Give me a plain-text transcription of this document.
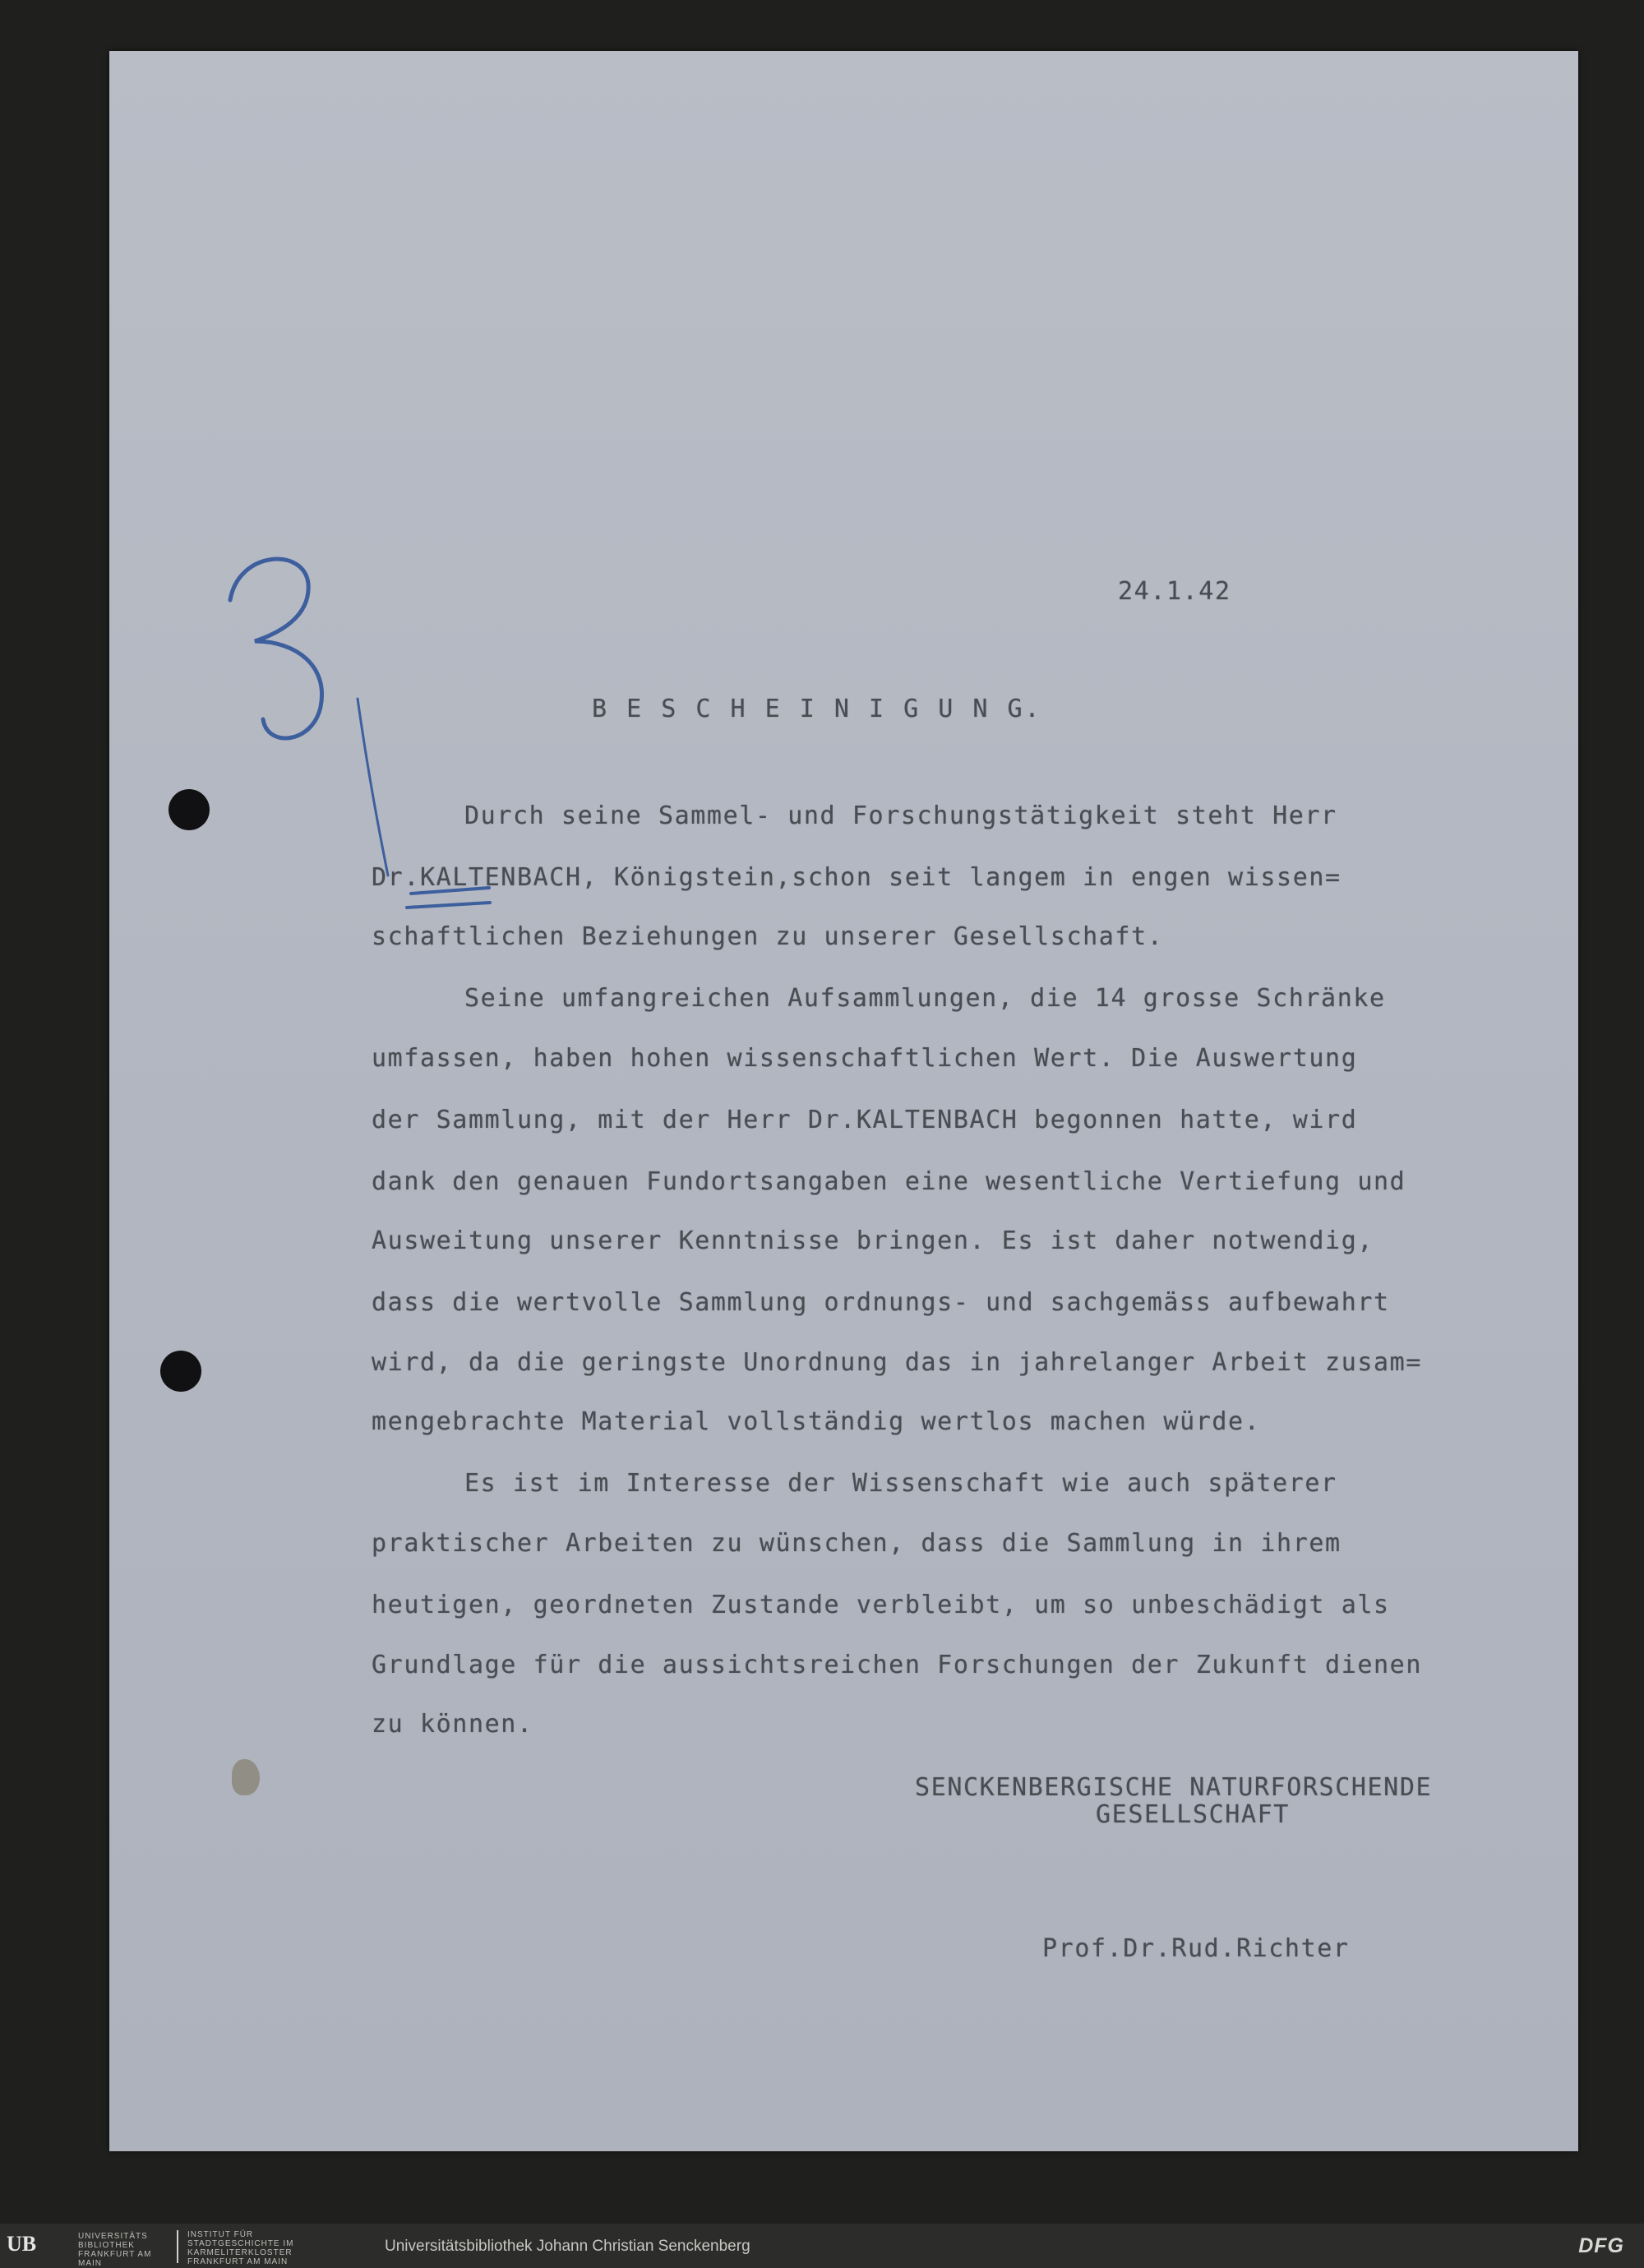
24.1.42
B E S C H E I N I G U N G.
Durch seine Sammel- und Forschungstätigkeit steht Herr
Dr.KALTENBACH, Königstein,schon seit langem in engen wissen=
schaftlichen Beziehungen zu unserer Gesellschaft.
Seine umfangreichen Aufsammlungen, die 14 grosse Schränke
umfassen, haben hohen wissenschaftlichen Wert. Die Auswertung
der Sammlung, mit der Herr Dr.KALTENBACH begonnen hatte, wird
dank den genauen Fundortsangaben eine wesentliche Vertiefung und
Ausweitung unserer Kenntnisse bringen. Es ist daher notwendig,
dass die wertvolle Sammlung ordnungs- und sachgemäss aufbewahrt
wird, da die geringste Unordnung das in jahrelanger Arbeit zusam=
mengebrachte Material vollständig wertlos machen würde.
Es ist im Interesse der Wissenschaft wie auch späterer
praktischer Arbeiten zu wünschen, dass die Sammlung in ihrem
heutigen, geordneten Zustande verbleibt, um so unbeschädigt als
Grundlage für die aussichtsreichen Forschungen der Zukunft dienen
zu können.
SENCKENBERGISCHE NATURFORSCHENDE
GESELLSCHAFT
Prof.Dr.Rud.Richter
UB	UNIVERSITÄTS BIBLIOTHEK FRANKFURT AM MAIN
INSTITUT FÜR STADTGESCHICHTE IM KARMELITERKLOSTER FRANKFURT AM MAIN
Universitätsbibliothek Johann Christian Senckenberg	DFG
